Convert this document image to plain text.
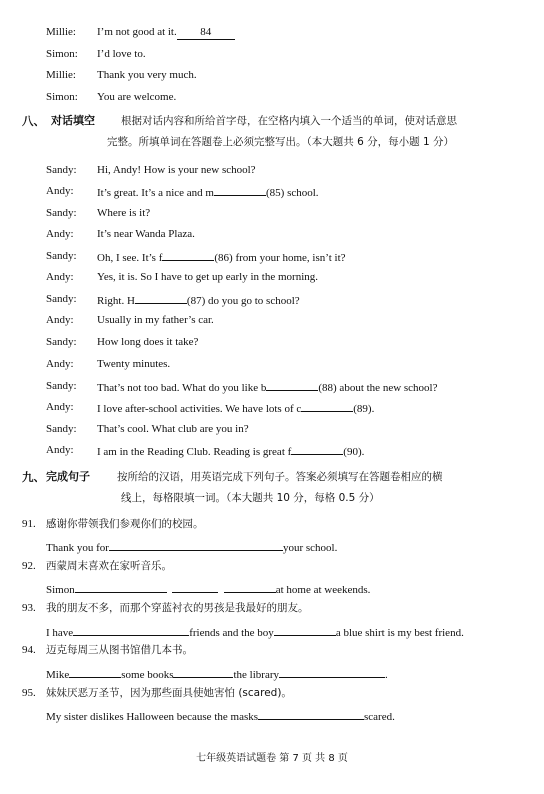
Millie: I’m not good at it. 84
Simon: I’d love to.
Millie: Thank you very much.
Simon: You are welcome.
八、 对话填空 根据对话内容和所给首字母，在空格内填入一个适当的单词，使对话意思
完整。所填单词在答题卷上必须完整写出。（本大题共 6 分，每小题 1 分）
Sandy: Hi, Andy! How is your new school?
Andy: It’s great. It’s a nice and m	(85) school.
Sandy: Where is it?
Andy: It’s near Wanda Plaza.
Sandy: Oh, I see. It’s f	(86) from your home, isn’t it?
Andy: Yes, it is. So I have to get up early in the morning.
Sandy: Right. H	(87) do you go to school?
Andy: Usually in my father’s car.
Sandy: How long does it take?
Andy: Twenty minutes.
Sandy: That’s not too bad. What do you like b	(88) about the new school?
Andy: I love after-school activities. We have lots of c	(89).
Sandy: That’s cool. What club are you in?
Andy: I am in the Reading Club. Reading is great f	(90).
九、 完成句子	按所给的汉语，用英语完成下列句子。答案必须填写在答题卷相应的横
线上，每格限填一词。（本大题共 10 分，每格 0.5 分）
91. 感谢你带领我们参观你们的校园。
Thank you for	your school.
92. 西蒙周末喜欢在家听音乐。
Simon	at home at weekends.
93. 我的朋友不多，而那个穿蓝衬衣的男孩是我最好的朋友。
I have	friends and the boy	a blue shirt is my best friend.
94. 迈克每周三从图书馆借几本书。
Mike	some books	the library	.
95. 妹妹厌恶万圣节，因为那些面具使她害怕 (scared)。
My sister dislikes Halloween because the masks	scared.
七年级英语试题卷 第 7 页 共 8 页
